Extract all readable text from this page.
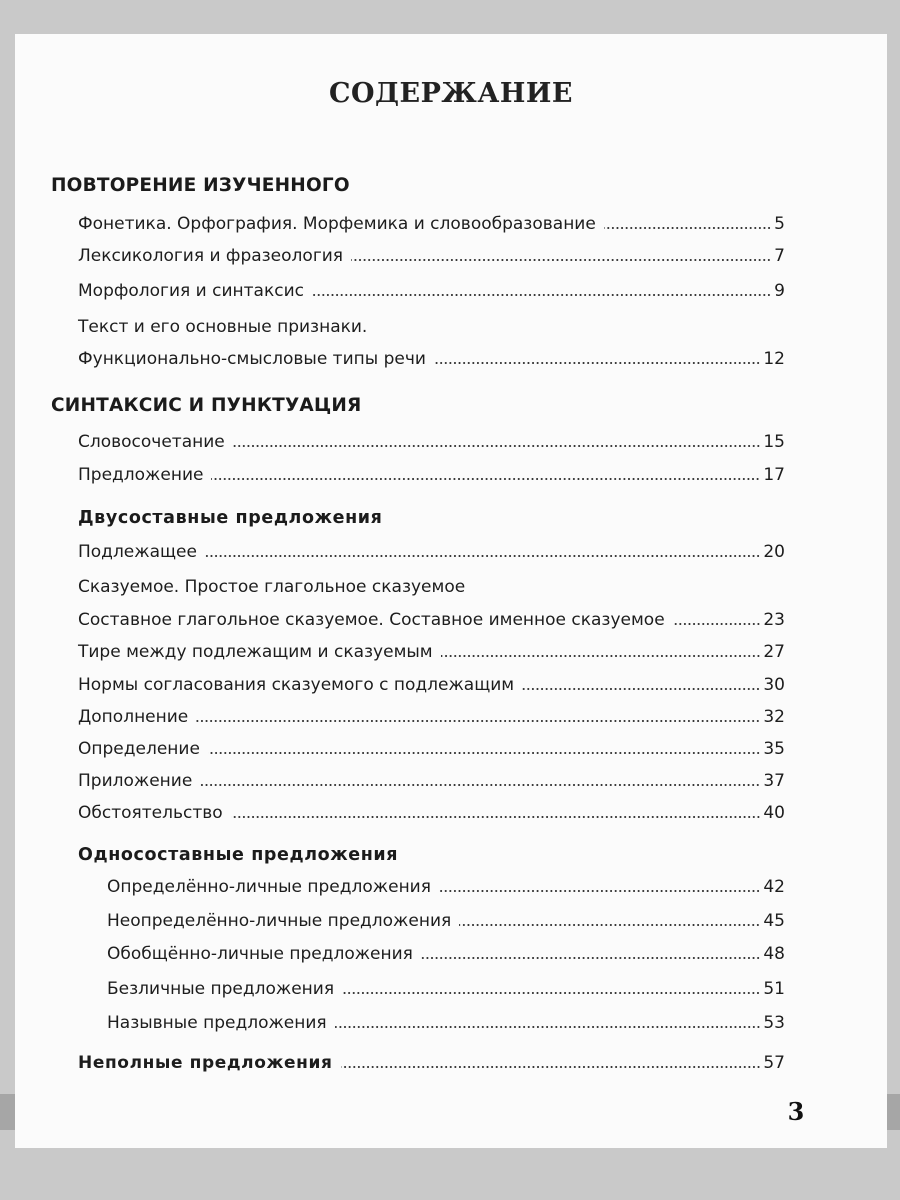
СОДЕРЖАНИЕ
ПОВТОРЕНИЕ ИЗУЧЕННОГО
Фонетика. Орфография. Морфемика и словообразование	5
Лексикология и фразеология	7
Морфология и синтаксис	9
Текст и его основные признаки.
Функционально-смысловые типы речи	12
СИНТАКСИС И ПУНКТУАЦИЯ
Словосочетание	15
Предложение	17
Двусоставные предложения
Подлежащее	20
Сказуемое. Простое глагольное сказуемое
Составное глагольное сказуемое. Составное именное сказуемое	23
Тире между подлежащим и сказуемым	27
Нормы согласования сказуемого с подлежащим	30
Дополнение	32
Определение	35
Приложение	37
Обстоятельство	40
Односоставные предложения
Определённо-личные предложения	42
Неопределённо-личные предложения	45
Обобщённо-личные предложения	48
Безличные предложения	51
Назывные предложения	53
Неполные предложения	57
3
